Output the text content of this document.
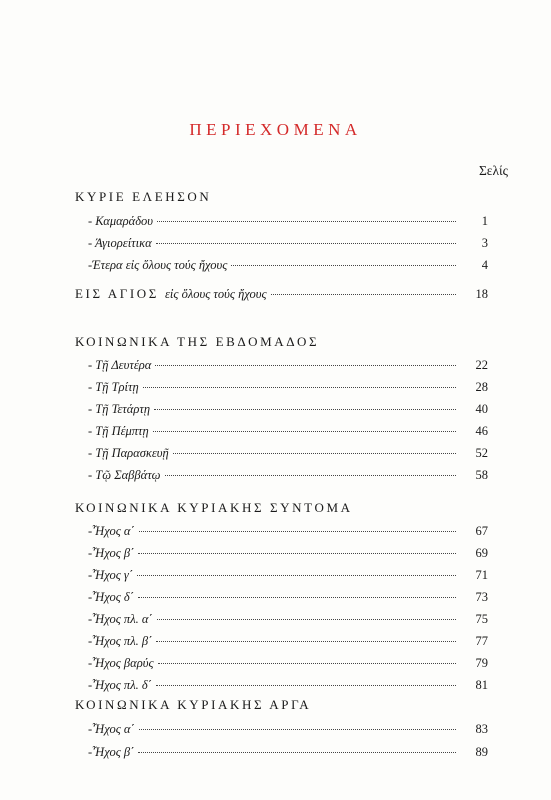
ΠΕΡΙΕΧΟΜΕΝΑ
Σελίς
ΚΥΡΙΕ ΕΛΕΗΣΟΝ
- Καμαράδου	1
- Άγιορείτικα	3
-Έτερα εἰς ὅλους τούς ἤχους	4
ΕΙΣ ΑΓΙΟΣ εἰς ὅλους τούς ἤχους	18
ΚΟΙΝΩΝΙΚΑ ΤΗΣ ΕΒΔΟΜΑΔΟΣ
- Τῇ Δευτέρα	22
- Τῇ Τρίτῃ	28
- Τῇ Τετάρτῃ	40
- Τῇ Πέμπτῃ	46
- Τῇ Παρασκευῇ	52
- Τῷ Σαββάτῳ	58
ΚΟΙΝΩΝΙΚΑ ΚΥΡΙΑΚΗΣ ΣΥΝΤΟΜΑ
-Ἦχος α΄	67
-Ἦχος β΄	69
-Ἦχος γ΄	71
-Ἦχος δ΄	73
-Ἦχος πλ. α΄	75
-Ἦχος πλ. β΄	77
-Ἦχος βαρύς	79
-Ἦχος πλ. δ΄	81
ΚΟΙΝΩΝΙΚΑ ΚΥΡΙΑΚΗΣ ΑΡΓΑ
-Ἦχος α΄	83
-Ἦχος β΄	89
